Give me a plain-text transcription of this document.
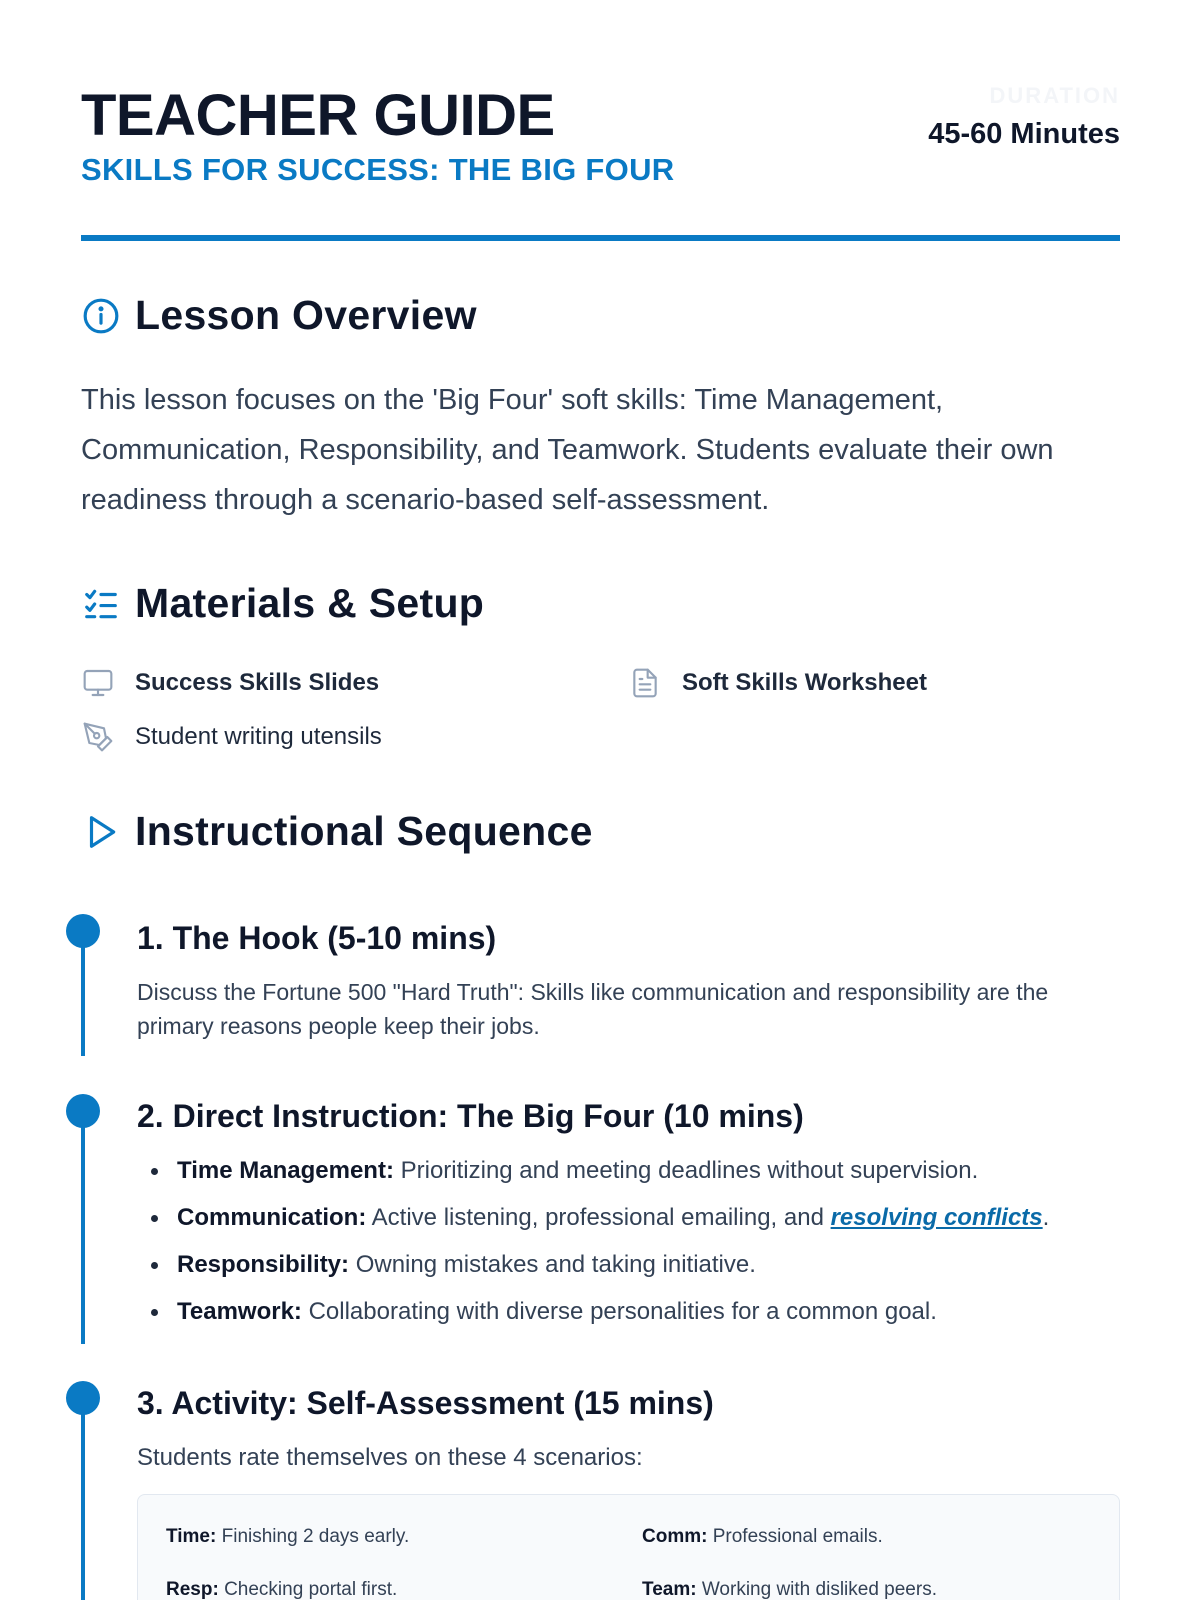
TEACHER GUIDE
SKILLS FOR SUCCESS: THE BIG FOUR
DURATION
45-60 Minutes
Lesson Overview

This lesson focuses on the 'Big Four' soft skills: Time Management, Communication, Responsibility, and Teamwork. Students evaluate their own readiness through a scenario-based self-assessment.

Materials & Setup
Success Skills Slides	Soft Skills Worksheet
Student writing utensils
Instructional Sequence
1. The Hook (5-10 mins)

Discuss the Fortune 500 "Hard Truth": Skills like communication and responsibility are the primary reasons people keep their jobs.

2. Direct Instruction: The Big Four (10 mins)
Time Management: Prioritizing and meeting deadlines without supervision.
Communication: Active listening, professional emailing, and resolving conflicts.
Responsibility: Owning mistakes and taking initiative.
Teamwork: Collaborating with diverse personalities for a common goal.
3. Activity: Self-Assessment (15 mins)

Students rate themselves on these 4 scenarios:

Time: Finishing 2 days early.	Comm: Professional emails.
Resp: Checking portal first.	Team: Working with disliked peers.
